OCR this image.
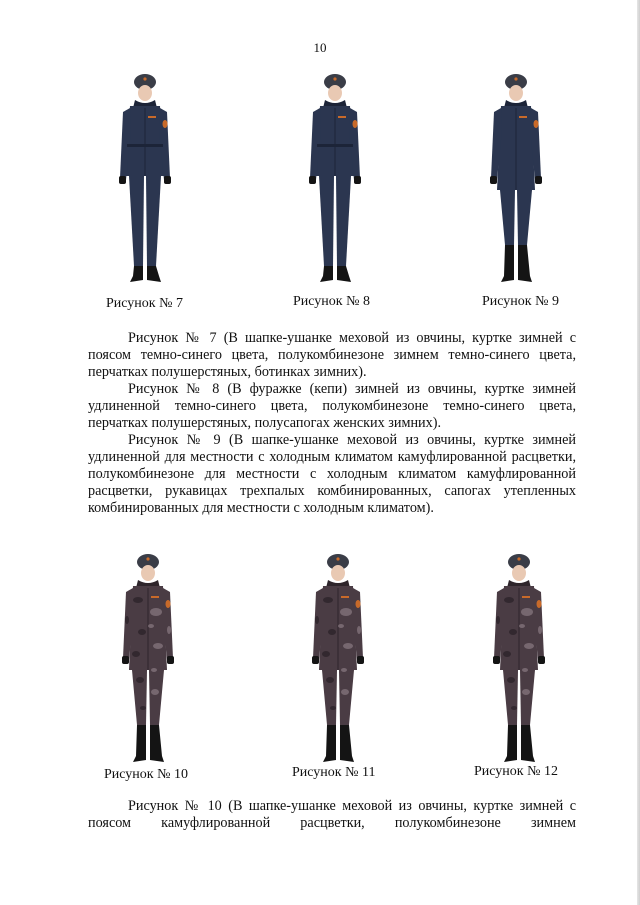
10
Рисунок № 7	Рисунок № 8	Рисунок № 9

Рисунок № 7 (В шапке-ушанке меховой из овчины, куртке зимней с поясом темно-синего цвета, полукомбинезоне зимнем темно-синего цвета, перчатках полушерстяных, ботинках зимних).

Рисунок № 8 (В фуражке (кепи) зимней из овчины, куртке зимней удлиненной темно-синего цвета, полукомбинезоне темно-синего цвета, перчатках полушерстяных, полусапогах женских зимних).

Рисунок № 9 (В шапке-ушанке меховой из овчины, куртке зимней удлиненной для местности с холодным климатом камуфлированной расцветки, полукомбинезоне для местности с холодным климатом камуфлированной расцветки, рукавицах трехпалых комбинированных, сапогах утепленных комбинированных для местности с холодным климатом).

Рисунок № 10	Рисунок № 11	Рисунок № 12

Рисунок № 10 (В шапке-ушанке меховой из овчины, куртке зимней с поясом камуфлированной расцветки, полукомбинезоне зимнем
